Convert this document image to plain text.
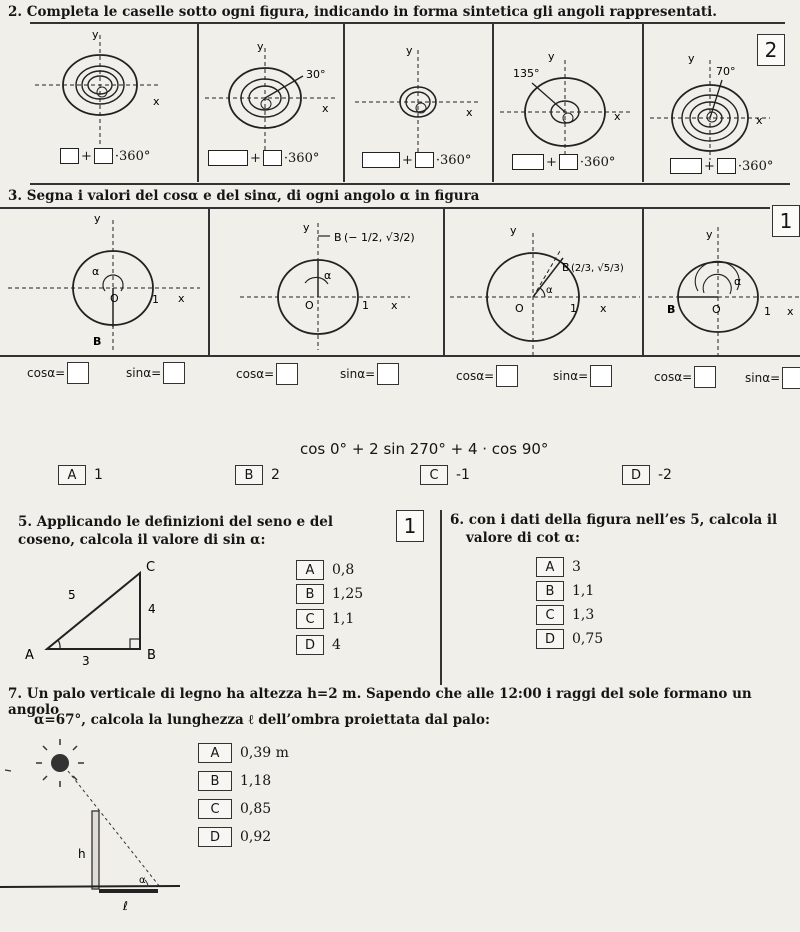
2. Completa le caselle sotto ogni figura, indicando in forma sintetica gli angoli rappresentati.
2
y
x
y
x
30°
y
x
y
x
135°
y
x
70°
+ ·360°	+ ·360°	+ ·360°	+ ·360°	+ ·360°
3. Segna i valori del cosα e del sinα, di ogni angolo α in figura
1
y
x
O	1
α
B
y
x
O	1
α
B (− 1/2, √3/2)
y
x
O	1
α
B (2/3, √5/3)
y
x
O	1
α
B
cosα=	sinα=	cosα=	sinα=	cosα=	sinα=	cosα=	sinα=
cos 0° + 2 sin 270° + 4 · cos 90°
A	1	B	2	C	-1	D	-2
5. Applicando le definizioni del seno e del
coseno, calcola il valore di sin α:
1
C
A	B
5
4
3
A	0,8
B	1,25
C	1,1
D	4
6. con i dati della figura nell’es 5, calcola il
valore di cot α:
A	3
B	1,1
C	1,3
D	0,75
7. Un palo verticale di legno ha altezza h=2 m. Sapendo che alle 12:00 i raggi del sole formano un angolo
α=67°, calcola la lunghezza ℓ dell’ombra proiettata dal palo:
h
ℓ
α
A	0,39 m
B	1,18
C	0,85
D	0,92
